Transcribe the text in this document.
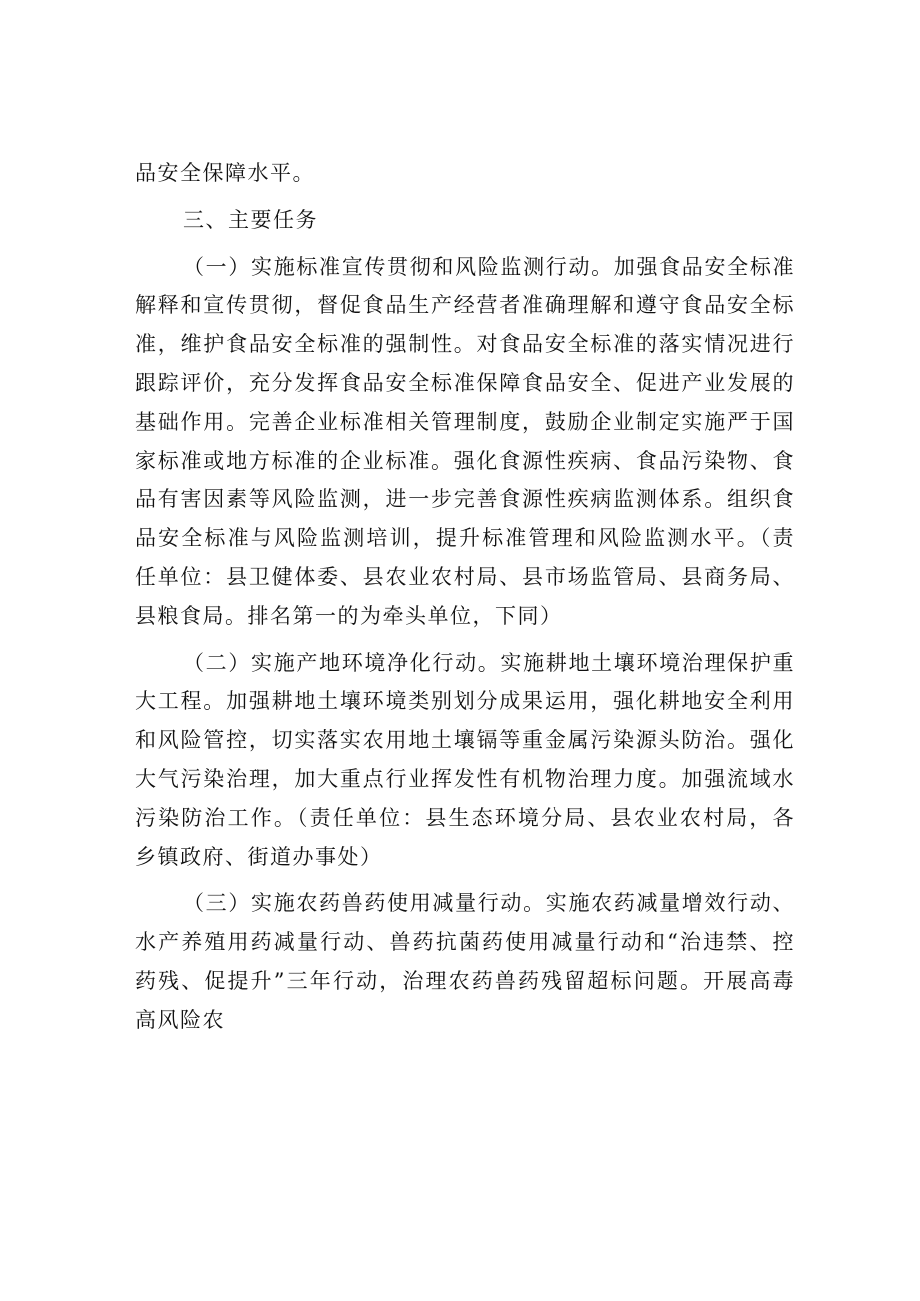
品安全保障水平。

三、主要任务

（一）实施标准宣传贯彻和风险监测行动。加强食品安全标准解释和宣传贯彻，督促食品生产经营者准确理解和遵守食品安全标准，维护食品安全标准的强制性。对食品安全标准的落实情况进行跟踪评价，充分发挥食品安全标准保障食品安全、促进产业发展的基础作用。完善企业标准相关管理制度，鼓励企业制定实施严于国家标准或地方标准的企业标准。强化食源性疾病、食品污染物、食品有害因素等风险监测，进一步完善食源性疾病监测体系。组织食品安全标准与风险监测培训，提升标准管理和风险监测水平。（责任单位：县卫健体委、县农业农村局、县市场监管局、县商务局、县粮食局。排名第一的为牵头单位，下同）

（二）实施产地环境净化行动。实施耕地土壤环境治理保护重大工程。加强耕地土壤环境类别划分成果运用，强化耕地安全利用和风险管控，切实落实农用地土壤镉等重金属污染源头防治。强化大气污染治理，加大重点行业挥发性有机物治理力度。加强流域水污染防治工作。（责任单位：县生态环境分局、县农业农村局，各乡镇政府、街道办事处）

（三）实施农药兽药使用减量行动。实施农药减量增效行动、水产养殖用药减量行动、兽药抗菌药使用减量行动和“治违禁、控药残、促提升”三年行动，治理农药兽药残留超标问题。开展高毒高风险农
